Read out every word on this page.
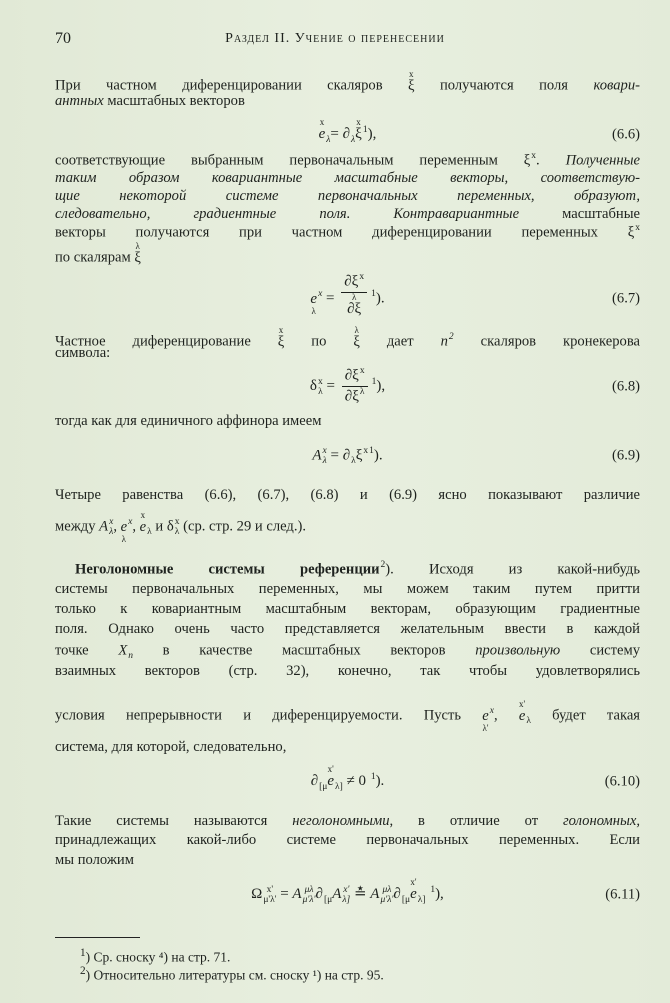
70	Раздел II. Учение о перенесении
При частном диференцировании скаляров
x
ξ
получаются поля ковари-
антных масштабных векторов
x
e
λ = ∂ λ
x
ξ
1 ),	(6.6)
соответствующие выбранным первоначальным переменным ξ x . Полученные
таким образом ковариантные масштабные векторы, соответствую-
щие некоторой системе первоначальных переменных, образуют,
следовательно, градиентные поля. Контравариантные масштабные
векторы получаются при частном диференцировании переменных ξ x
по скалярам
λ
ξ

e
λ
x = ∂ξ x
λ
∂ξ
1 ).	(6.7)
Частное диференцирование
x
ξ
по
λ
ξ
дает n 2 скаляров кронекерова
символа:
δ x
$\lambda = \frac{\text{∂ξ x}}{\text{∂ξ λ}} 1$ ),	(6.8)
тогда как для единичного аффинора имеем
A x
λ = ∂ λ ξ x 1 ).	(6.9)
Четыре равенства (6.6), (6.7), (6.8) и (6.9) ясно показывают различие
между A x
λ ,
e
λ
x ,
x
e
λ и δ x
λ (ср. стр. 29 и след.).
Неголономные системы референции 2 ). Исходя из какой-нибудь
системы первоначальных переменных, мы можем таким путем притти
только к ковариантным масштабным векторам, образующим градиентные
поля. Однако очень часто представляется желательным ввести в каждой
точке X n в качестве масштабных векторов произвольную систему
взаимных векторов (стр. 32), конечно, так чтобы удовлетворялись
условия непрерывности и диференцируемости. Пусть
e
λ'
x ,
x'
e
λ будет такая
система, для которой, следовательно,
∂ [μ
x'
e
λ] ≠ 0 1 ).	(6.10)
Такие системы называются неголономными, в отличие от голономных,
принадлежащих какой-либо системе первоначальных переменных. Если
мы положим
Ω x'
μ'λ' = A μλ
μ'λ' ∂ [μ A x'
λ] ≛ A μλ
μ'λ' ∂ [μ
x'
e
λ]

1 ),	(6.11)
$^1$) Ср. сноску ⁴) на стр. 71.
$^2$) Относительно литературы см. сноску ¹) на стр. 95.
